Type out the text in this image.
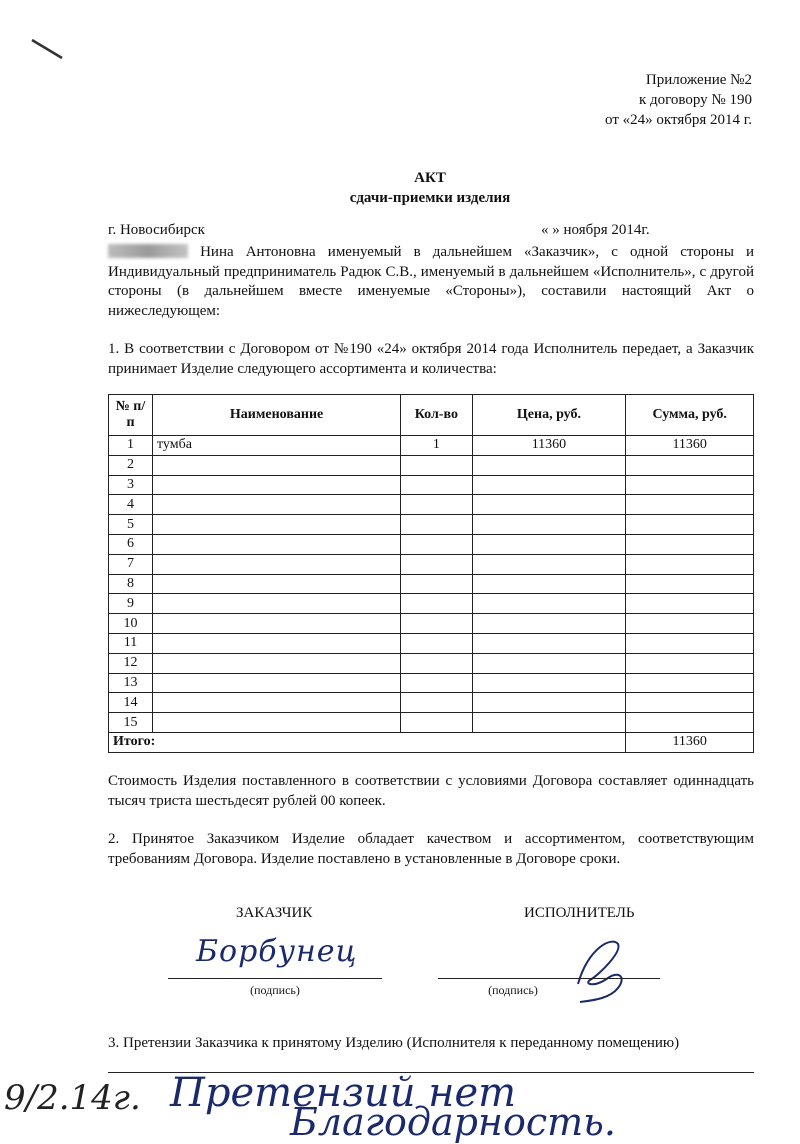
Приложение №2
к договору № 190
от «24» октября 2014 г.
АКТ
сдачи-приемки изделия
г. Новосибирск	« » ноября 2014г.
Нина Антоновна именуемый в дальнейшем «Заказчик», с одной стороны и Индивидуальный предприниматель Радюк С.В., именуемый в дальнейшем «Исполнитель», с другой стороны (в дальнейшем вместе именуемые «Стороны»), составили настоящий Акт о нижеследующем:
1. В соответствии с Договором от №190 «24» октября 2014 года Исполнитель передает, а Заказчик принимает Изделие следующего ассортимента и количества:
№ п/п	Наименование	Кол-во	Цена, руб.	Сумма, руб.
1	тумба	1	11360	11360
2				
3				
4				
5				
6				
7				
8				
9				
10				
11				
12				
13				
14				
15				
Итого:				11360
Стоимость Изделия поставленного в соответствии с условиями Договора составляет одиннадцать тысяч триста шестьдесят рублей 00 копеек.
2. Принятое Заказчиком Изделие обладает качеством и ассортиментом, соответствующим требованиям Договора. Изделие поставлено в установленные в Договоре сроки.
ЗАКАЗЧИК	ИСПОЛНИТЕЛЬ
Борбунец
(подпись)	(подпись)
3. Претензии Заказчика к принятому Изделию (Исполнителя к переданному помещению)
9/2.14г. Претензий нет
Благодарность.
